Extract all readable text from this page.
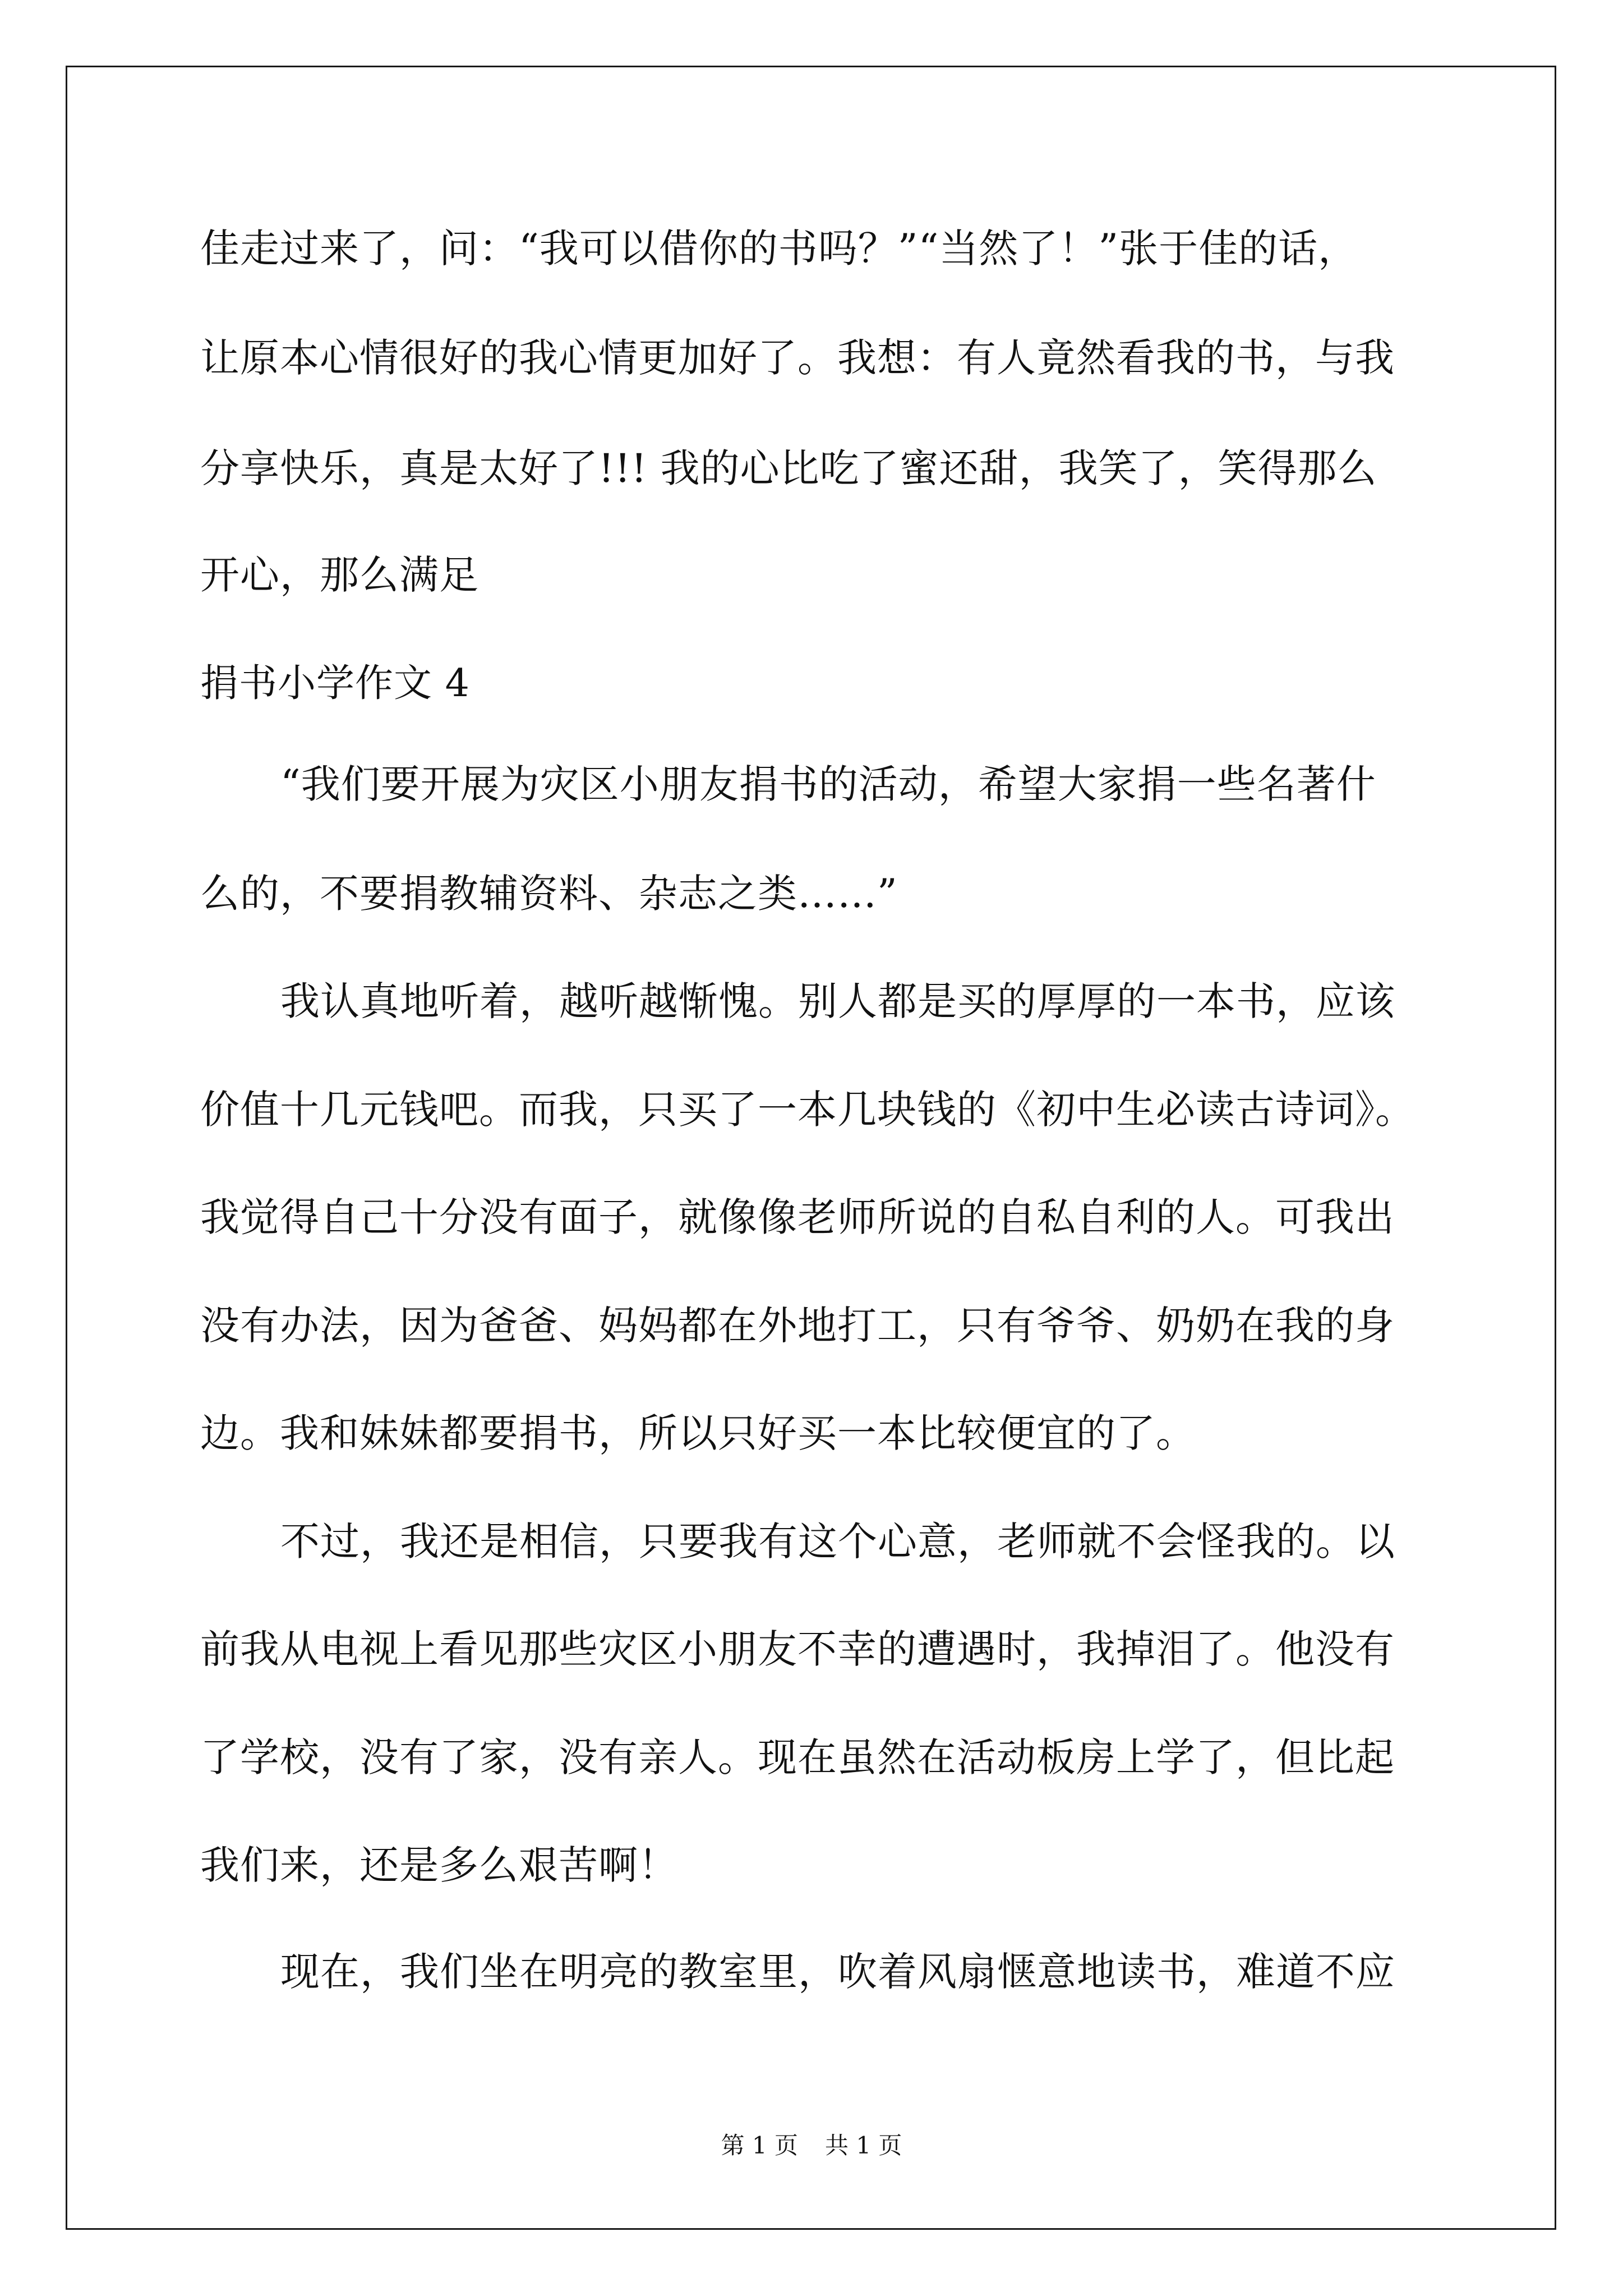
佳走过来了，问：“我可以借你的书吗？”“当然了！”张于佳的话，
让原本心情很好的我心情更加好了。我想：有人竟然看我的书，与我
分享快乐，真是太好了!!! 我的心比吃了蜜还甜，我笑了，笑得那么
开心，那么满足
捐书小学作文 4
“我们要开展为灾区小朋友捐书的活动，希望大家捐一些名著什
么的，不要捐教辅资料、杂志之类……”
我认真地听着，越听越惭愧。别人都是买的厚厚的一本书，应该
价值十几元钱吧。而我，只买了一本几块钱的《初中生必读古诗词》。
我觉得自己十分没有面子，就像像老师所说的自私自利的人。可我出
没有办法，因为爸爸、妈妈都在外地打工，只有爷爷、奶奶在我的身
边。我和妹妹都要捐书，所以只好买一本比较便宜的了。
不过，我还是相信，只要我有这个心意，老师就不会怪我的。以
前我从电视上看见那些灾区小朋友不幸的遭遇时，我掉泪了。他没有
了学校，没有了家，没有亲人。现在虽然在活动板房上学了，但比起
我们来，还是多么艰苦啊！
现在，我们坐在明亮的教室里，吹着风扇惬意地读书，难道不应
第 1 页 共 1 页
